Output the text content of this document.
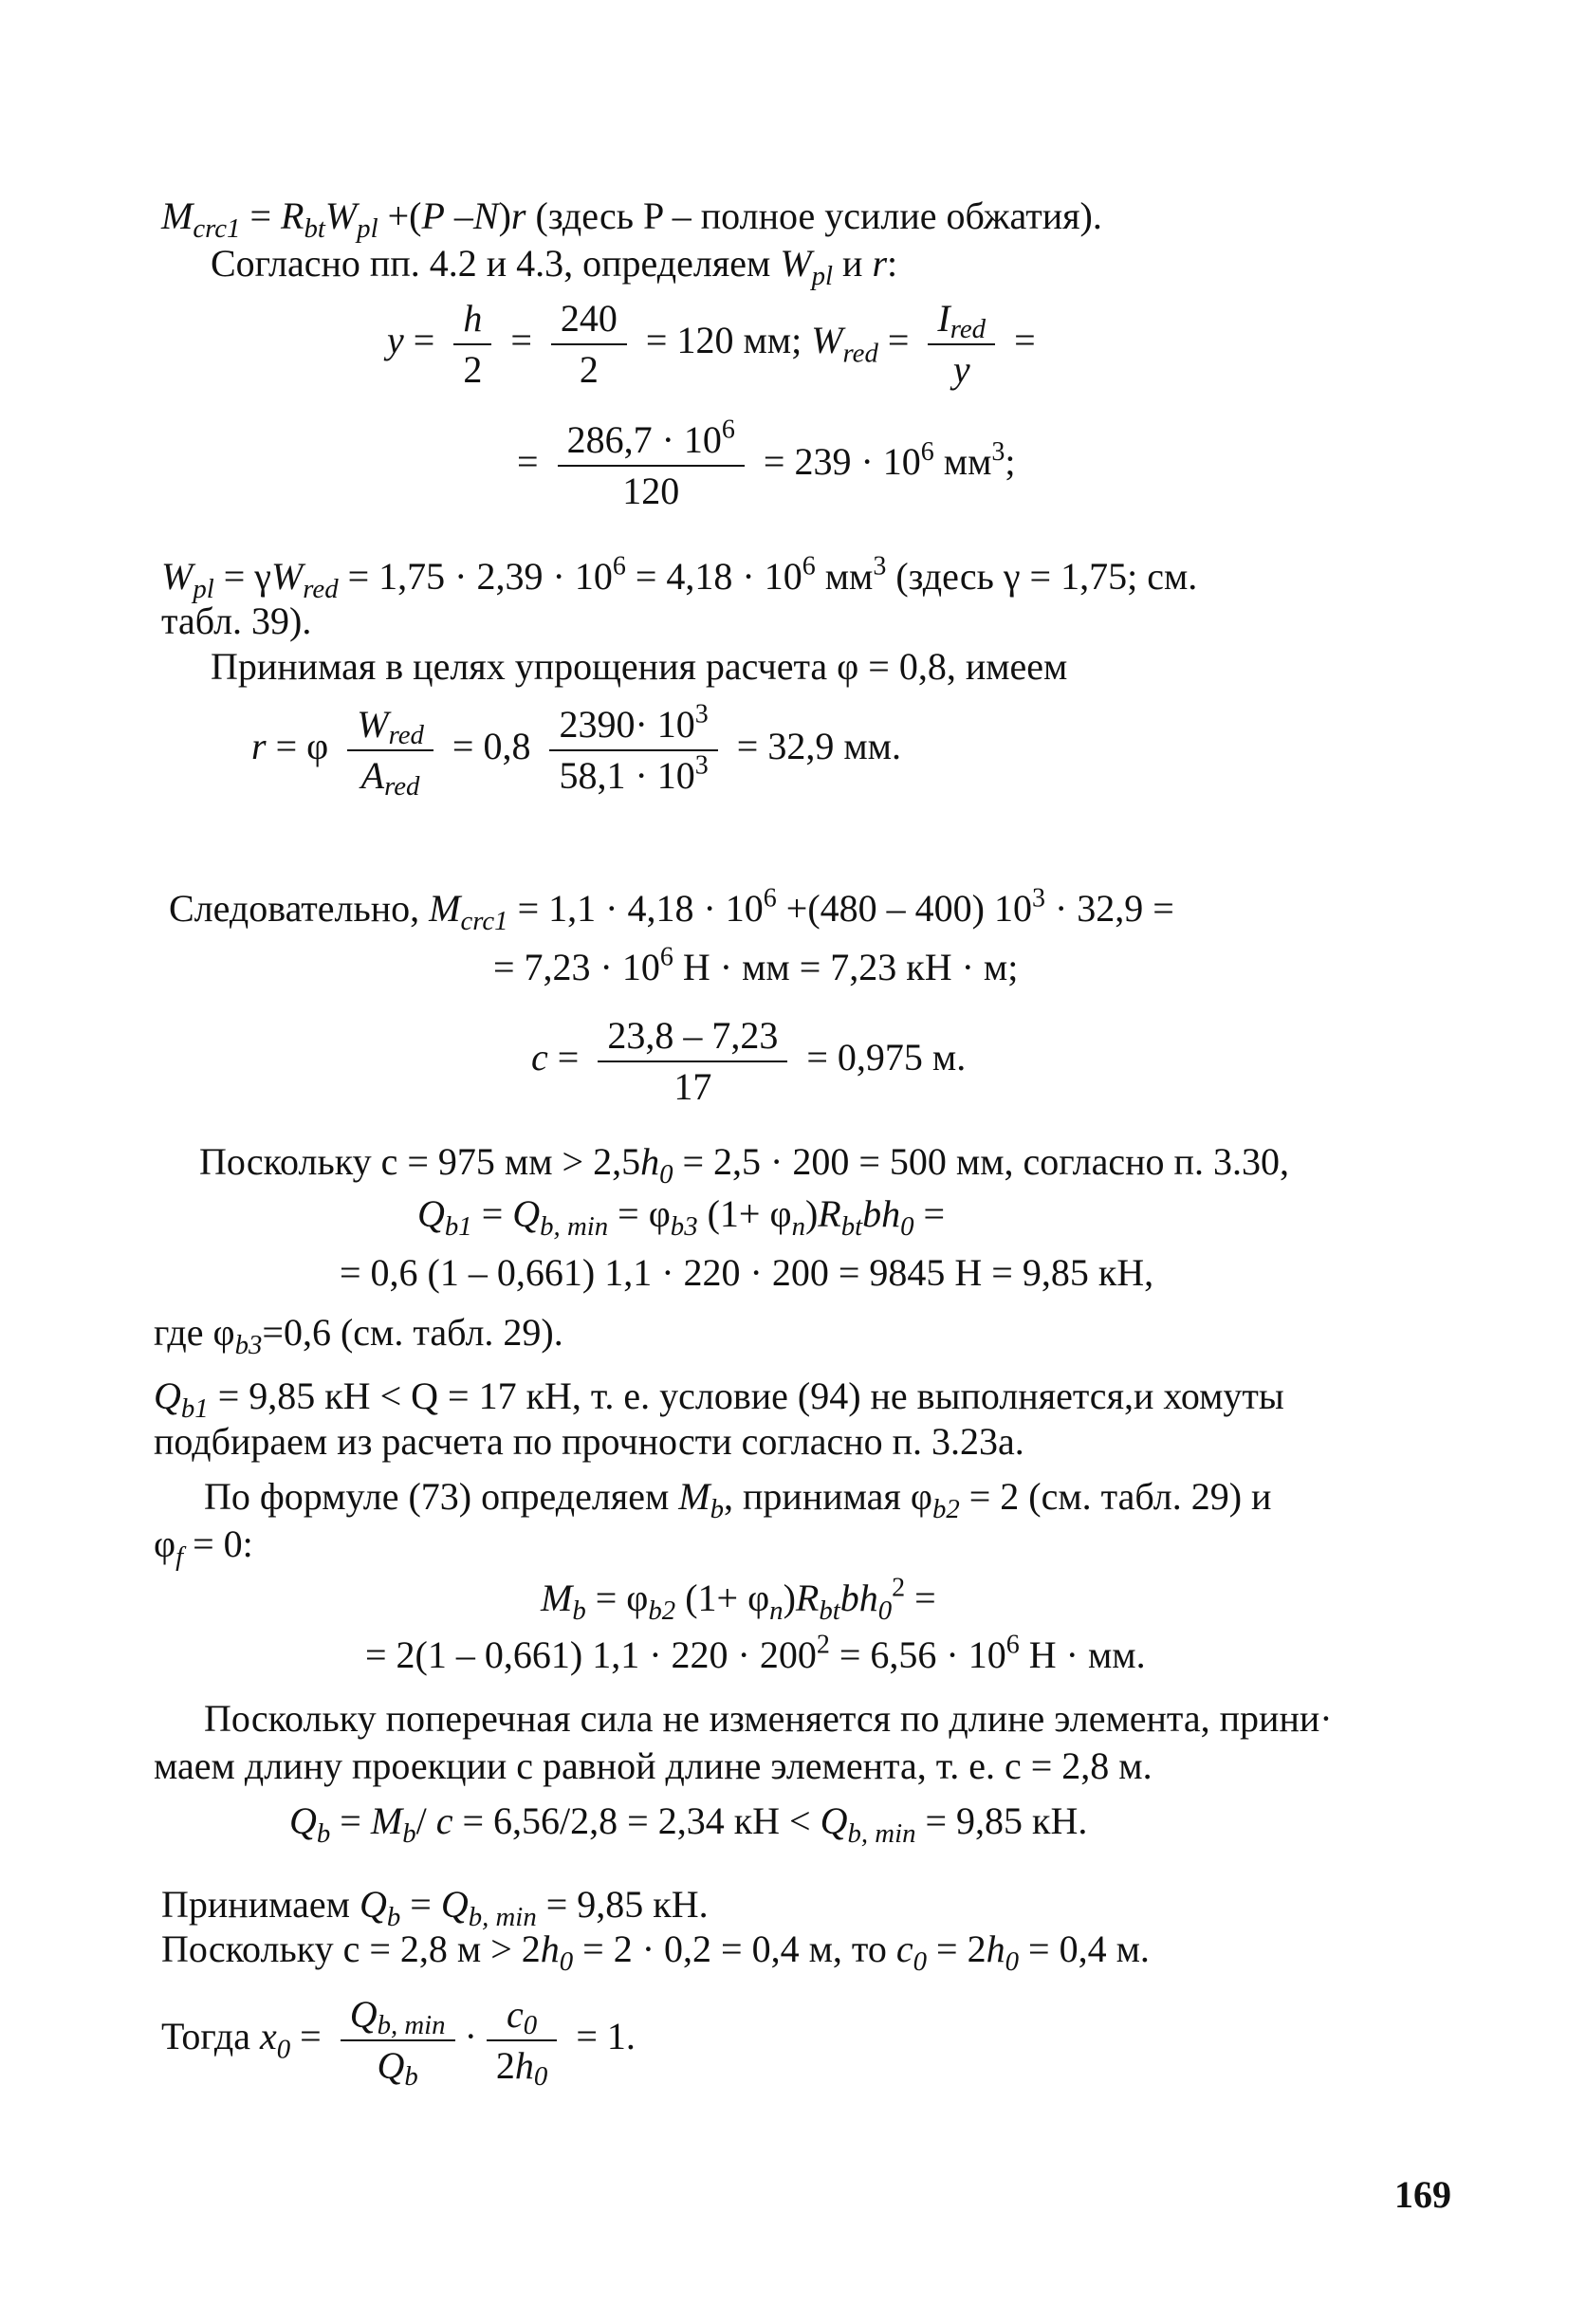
$M_{crc1} = R_{bt}W_{pl} +(P$ –N)r (здесь P – полное усилие обжатия).
Согласно пп. 4.2 и 4.3, определяем $W_{pl}$ и r:
$y = \frac{h}{2} = \frac{240}{2} = 120$ мм; $W_{red} = \frac{I_{red}}{y}$ =
= $\frac{286,7 \cdot 10^6}{120} = 239 \cdot 10^6$ $мм^3$;
$W_{pl} = \gamma W_{red} = 1,75 \cdot 2,39 \cdot 10^6 = 4,18 \cdot 10^6$ $мм^3$ (здесь γ = 1,75; см.
табл. 39).
Принимая в целях упрощения расчета φ = 0,8, имеем
r = φ $\frac{W_{red}}{A_{red}} = 0,8 \frac{2390\cdot 10^3}{58,1 \cdot 10^3} = 32,9$ мм.
Следовательно, $M_{crc1} = 1,1 \cdot 4,18 \cdot 10^6 +(480 - 400) 10^3 \cdot 32,9$ =
= $7,23 \cdot 10^6$ Н · мм = 7,23 кН · м;
$c = \frac{23,8 - 7,23}{17} = 0,975$ м.
Поскольку c = 975 мм > $2,5h_0 = 2,5 \cdot 200 = 500$ мм, согласно п. 3.30,
$Q_{b1} = Q_{b, min} = \varphi_{b3}$ $(1+ \varphi_n)R_{bt}bh_0$ =
= 0,6 (1 – 0,661) 1,1 · 220 · 200 = 9845 Н = 9,85 кН,
где $\varphi_{b3}=0,6$ (см. табл. 29).
$Q_{b1} = 9,85$ кН < Q = 17 кН, т. е. условие (94) не выполняется,и хомуты
подбираем из расчета по прочности согласно п. 3.23а.
По формуле (73) определяем $M_b$, принимая $\varphi_{b2} = 2$ (см. табл. 29) и
$\varphi_f = 0$:
$M_b = \varphi_{b2}$ $(1+ \varphi_n)R_{bt}bh_0^2$ =
= 2(1 – 0,661) $1,1 \cdot 220 \cdot 200^2 = 6,56 \cdot 10^6$ Н · мм.
Поскольку поперечная сила не изменяется по длине элемента, прини·
маем длину проекции c равной длине элемента, т. е. c = 2,8 м.
$Q_b = M_b/$ c = 6,56/2,8 = 2,34 кН < $Q_{b, min} = 9,85$ кН.
Принимаем $Q_b = Q_{b, min} = 9,85$ кН.
Поскольку c = 2,8 $м > 2h_0 = 2 \cdot 0,2 = 0,4$ м, то $c_0 = 2h_0 = 0,4$ м.
Тогда $x_0 = \frac{Q_{b, min}}{Q_b} \cdot \frac{c_0}{2h_0} = 1$.
169
